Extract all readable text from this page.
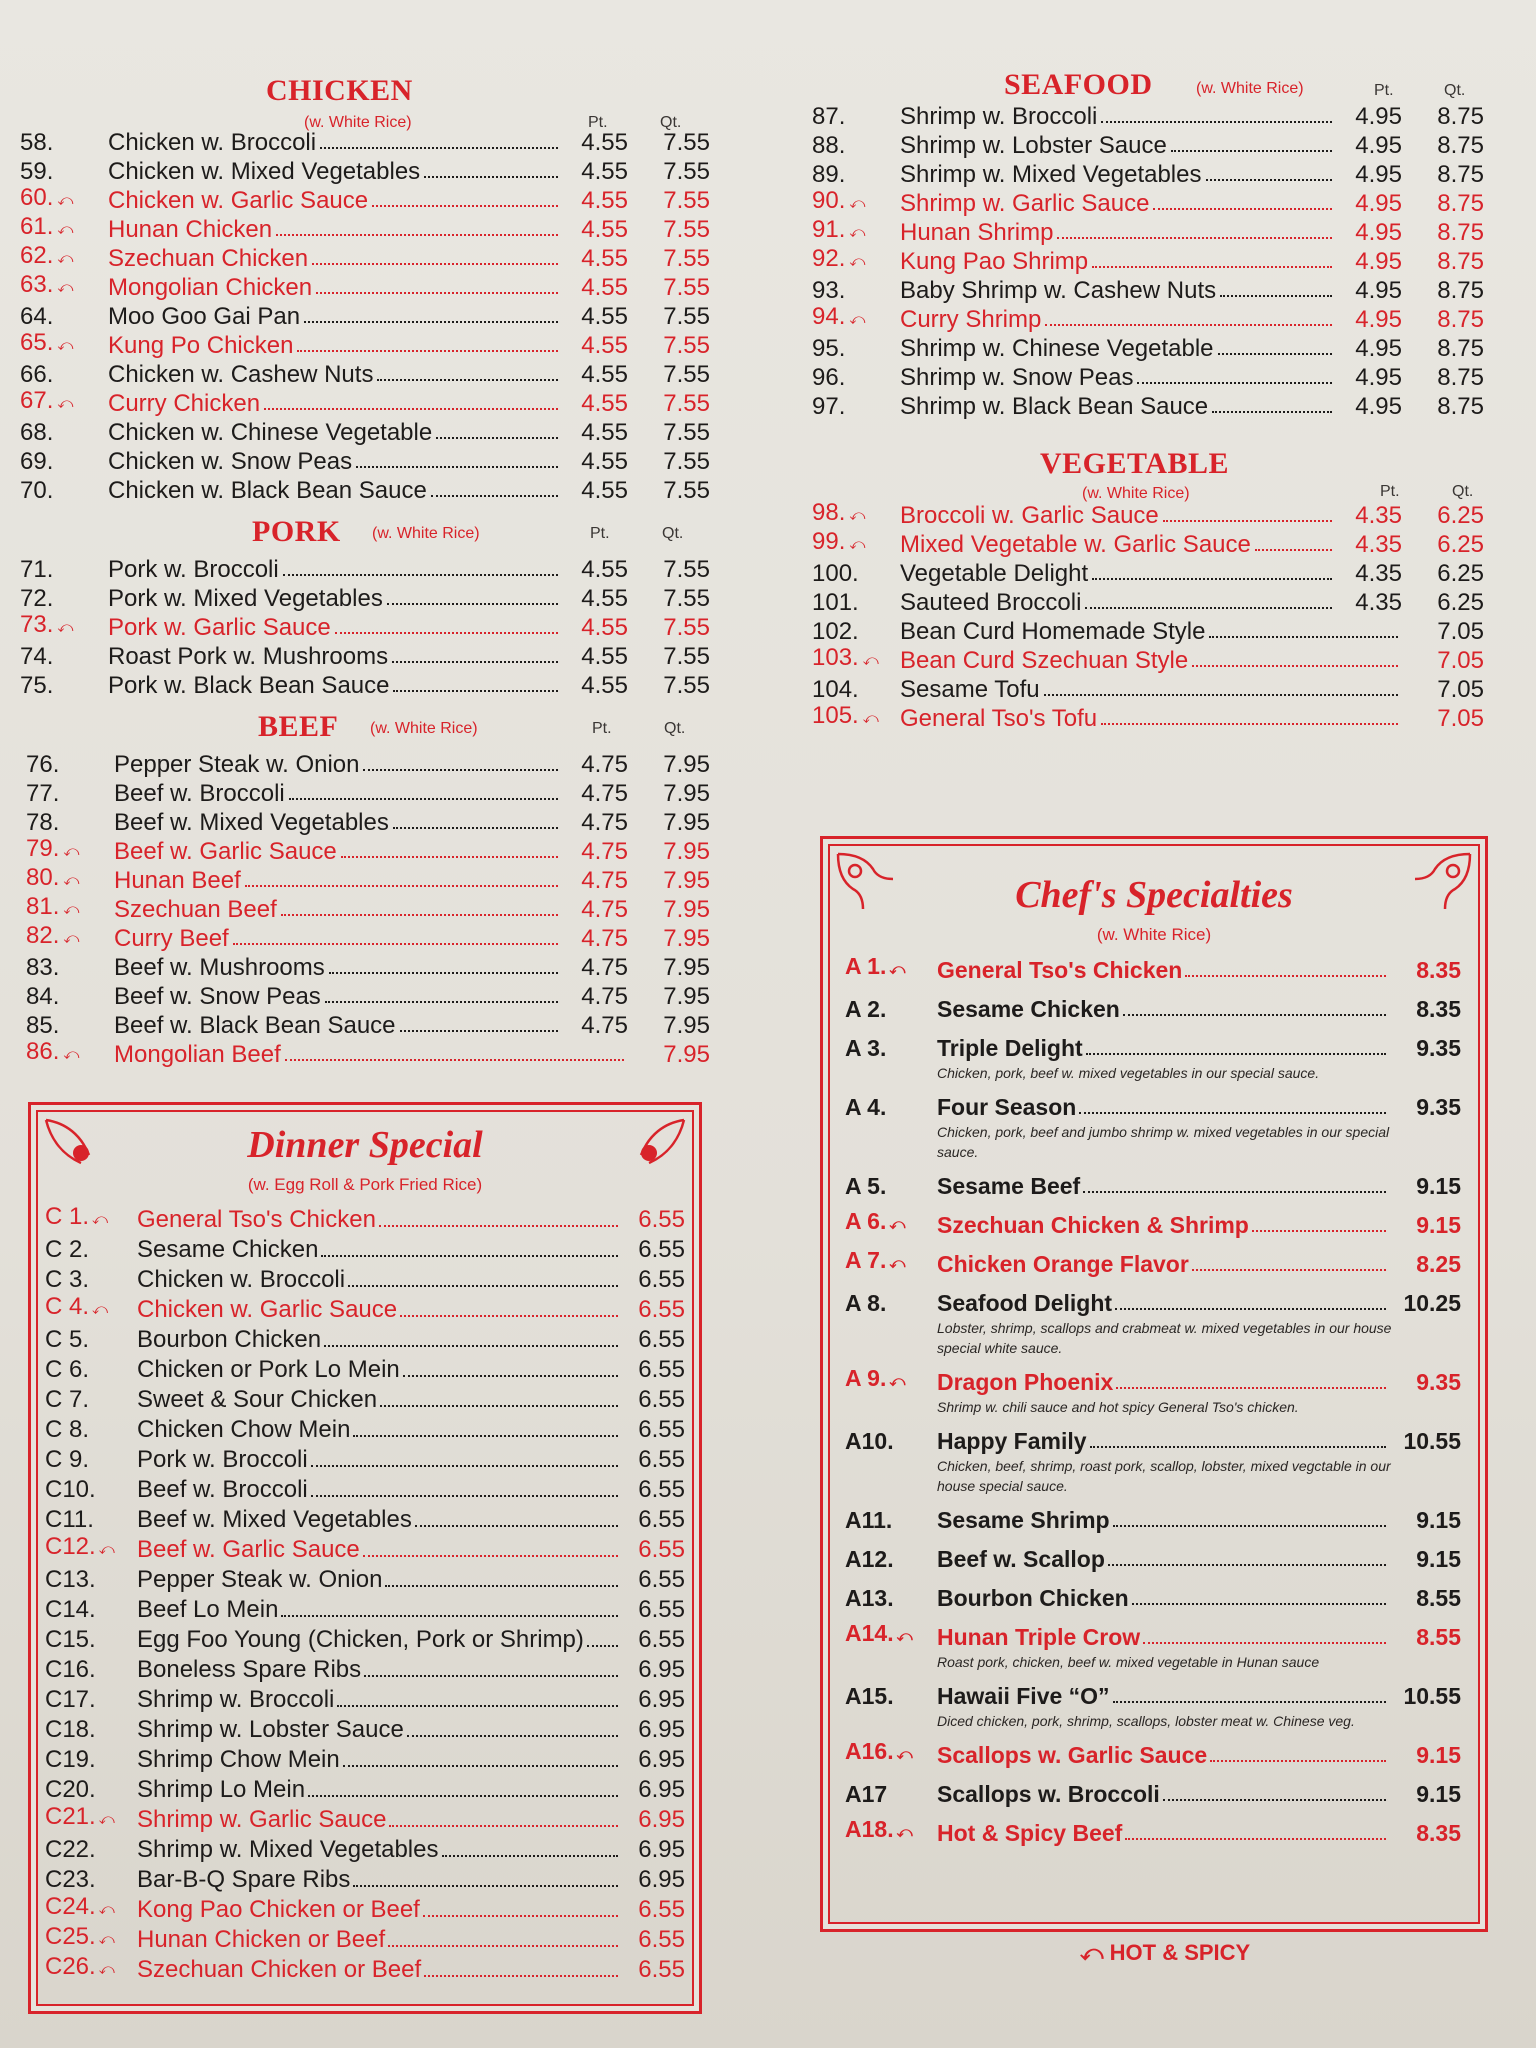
CHICKEN
Pt.	Qt.
(w. White Rice)
58.	Chicken w. Broccoli	4.55	7.55
59.	Chicken w. Mixed Vegetables	4.55	7.55
60. ⤺	Chicken w. Garlic Sauce	4.55	7.55
61. ⤺	Hunan Chicken	4.55	7.55
62. ⤺	Szechuan Chicken	4.55	7.55
63. ⤺	Mongolian Chicken	4.55	7.55
64.	Moo Goo Gai Pan	4.55	7.55
65. ⤺	Kung Po Chicken	4.55	7.55
66.	Chicken w. Cashew Nuts	4.55	7.55
67. ⤺	Curry Chicken	4.55	7.55
68.	Chicken w. Chinese Vegetable	4.55	7.55
69.	Chicken w. Snow Peas	4.55	7.55
70.	Chicken w. Black Bean Sauce	4.55	7.55
PORK (w. White Rice)	Pt.	Qt.
71.	Pork w. Broccoli	4.55	7.55
72.	Pork w. Mixed Vegetables	4.55	7.55
73. ⤺	Pork w. Garlic Sauce	4.55	7.55
74.	Roast Pork w. Mushrooms	4.55	7.55
75.	Pork w. Black Bean Sauce	4.55	7.55
BEEF (w. White Rice)	Pt.	Qt.
76.	Pepper Steak w. Onion	4.75	7.95
77.	Beef w. Broccoli	4.75	7.95
78.	Beef w. Mixed Vegetables	4.75	7.95
79. ⤺	Beef w. Garlic Sauce	4.75	7.95
80. ⤺	Hunan Beef	4.75	7.95
81. ⤺	Szechuan Beef	4.75	7.95
82. ⤺	Curry Beef	4.75	7.95
83.	Beef w. Mushrooms	4.75	7.95
84.	Beef w. Snow Peas	4.75	7.95
85.	Beef w. Black Bean Sauce	4.75	7.95
86. ⤺	Mongolian Beef	7.95
Dinner Special
(w. Egg Roll & Pork Fried Rice)
C 1. ⤺	General Tso's Chicken	6.55
C 2.	Sesame Chicken	6.55
C 3.	Chicken w. Broccoli	6.55
C 4. ⤺	Chicken w. Garlic Sauce	6.55
C 5.	Bourbon Chicken	6.55
C 6.	Chicken or Pork Lo Mein	6.55
C 7.	Sweet & Sour Chicken	6.55
C 8.	Chicken Chow Mein	6.55
C 9.	Pork w. Broccoli	6.55
C10.	Beef w. Broccoli	6.55
C11.	Beef w. Mixed Vegetables	6.55
C12. ⤺ Beef w. Garlic Sauce	6.55
C13.	Pepper Steak w. Onion	6.55
C14.	Beef Lo Mein	6.55
C15.	Egg Foo Young (Chicken, Pork or Shrimp)	6.55
C16.	Boneless Spare Ribs	6.95
C17.	Shrimp w. Broccoli	6.95
C18.	Shrimp w. Lobster Sauce	6.95
C19.	Shrimp Chow Mein	6.95
C20.	Shrimp Lo Mein	6.95
C21. ⤺ Shrimp w. Garlic Sauce	6.95
C22.	Shrimp w. Mixed Vegetables	6.95
C23.	Bar-B-Q Spare Ribs	6.95
C24. ⤺ Kong Pao Chicken or Beef	6.55
C25. ⤺ Hunan Chicken or Beef	6.55
C26. ⤺ Szechuan Chicken or Beef	6.55
SEAFOOD	(w. White Rice)	Pt.	Qt.
87.	Shrimp w. Broccoli	4.95	8.75
88.	Shrimp w. Lobster Sauce	4.95	8.75
89.	Shrimp w. Mixed Vegetables	4.95	8.75
90. ⤺	Shrimp w. Garlic Sauce	4.95	8.75
91. ⤺	Hunan Shrimp	4.95	8.75
92. ⤺	Kung Pao Shrimp	4.95	8.75
93.	Baby Shrimp w. Cashew Nuts	4.95	8.75
94. ⤺	Curry Shrimp	4.95	8.75
95.	Shrimp w. Chinese Vegetable	4.95	8.75
96.	Shrimp w. Snow Peas	4.95	8.75
97.	Shrimp w. Black Bean Sauce	4.95	8.75
VEGETABLE
(w. White Rice)	Pt.	Qt.
98. ⤺	Broccoli w. Garlic Sauce	4.35	6.25
99. ⤺	Mixed Vegetable w. Garlic Sauce	4.35	6.25
100.	Vegetable Delight	4.35	6.25
101.	Sauteed Broccoli	4.35	6.25
102.	Bean Curd Homemade Style	7.05
103. ⤺ Bean Curd Szechuan Style	7.05
104.	Sesame Tofu	7.05
105. ⤺ General Tso's Tofu	7.05
Chef's Specialties
(w. White Rice)
A 1. ⤺	General Tso's Chicken	8.35
A 2.	Sesame Chicken	8.35
A 3.	Triple Delight	9.35
Chicken, pork, beef w. mixed vegetables in our special sauce.
A 4.	Four Season	9.35
Chicken, pork, beef and jumbo shrimp w. mixed vegetables in our special sauce.
A 5.	Sesame Beef	9.15
A 6. ⤺	Szechuan Chicken & Shrimp	9.15
A 7. ⤺	Chicken Orange Flavor	8.25
A 8.	Seafood Delight	10.25
Lobster, shrimp, scallops and crabmeat w. mixed vegetables in our house special white sauce.
A 9. ⤺	Dragon Phoenix	9.35
Shrimp w. chili sauce and hot spicy General Tso's chicken.
A10.	Happy Family	10.55
Chicken, beef, shrimp, roast pork, scallop, lobster, mixed vegctable in our house special sauce.
A11.	Sesame Shrimp	9.15
A12.	Beef w. Scallop	9.15
A13.	Bourbon Chicken	8.55
A14. ⤺	Hunan Triple Crow	8.55
Roast pork, chicken, beef w. mixed vegetable in Hunan sauce
A15.	Hawaii Five “O”	10.55
Diced chicken, pork, shrimp, scallops, lobster meat w. Chinese veg.
A16. ⤺	Scallops w. Garlic Sauce	9.15
A17	Scallops w. Broccoli	9.15
A18. ⤺	Hot & Spicy Beef	8.35
⤺ HOT & SPICY
